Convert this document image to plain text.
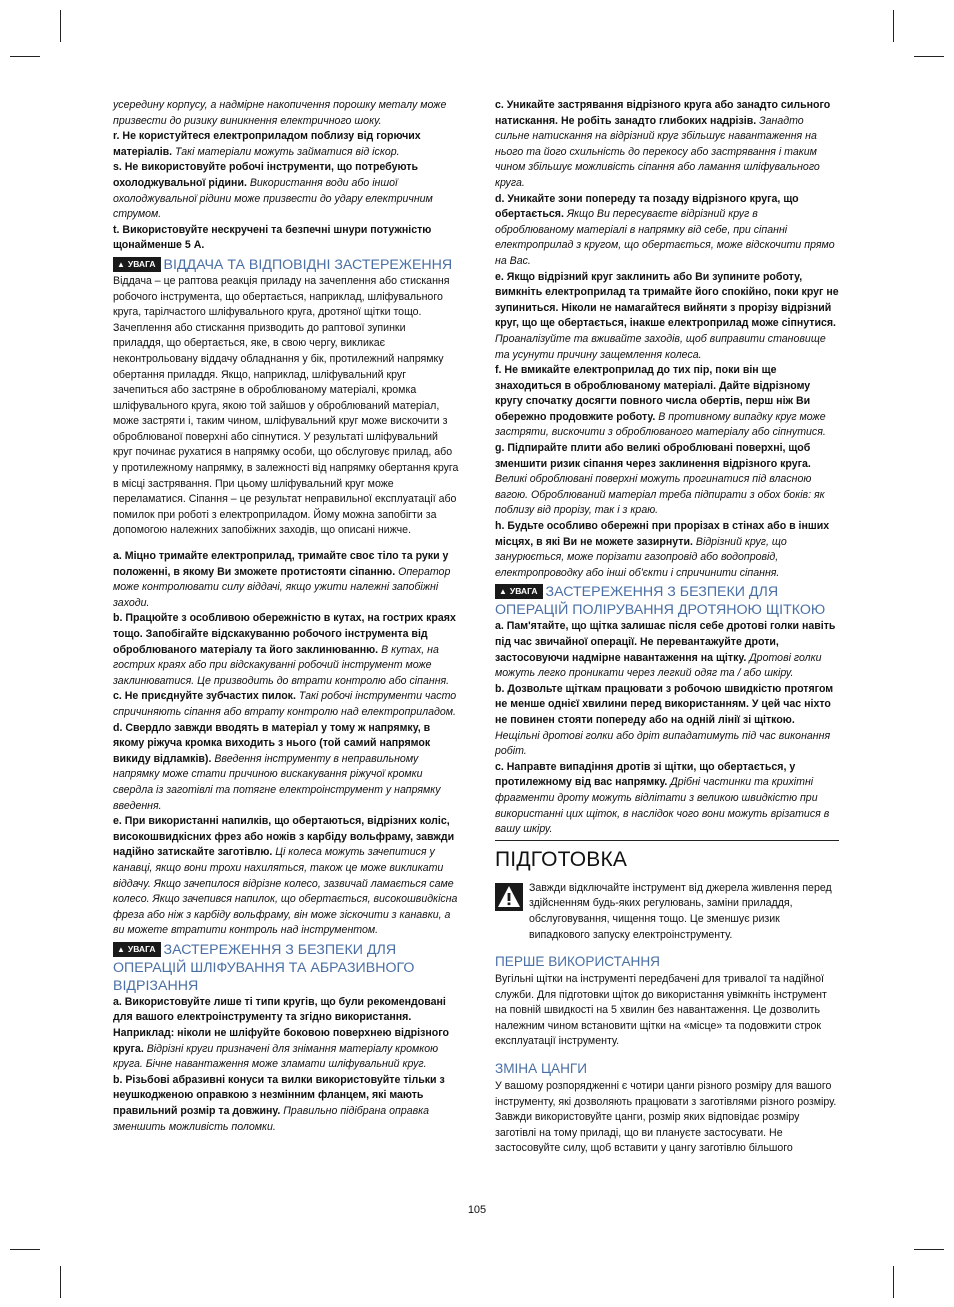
усередину корпусу, а надмірне накопичення порошку металу може призвести до ризику виникнення електричного шоку.

r. Не користуйтеся електроприладом поблизу від горючих матеріалів. Такі матеріали можуть займатися від іскор.

s. Не використовуйте робочі інструменти, що потребують охолоджувальної рідини. Використання води або іншої охолоджувальної рідини може призвести до удару електричним струмом.

t. Використовуйте нескручені та безпечні шнури потужністю щонайменше 5 А.

▲ УВАГА ВІДДАЧА ТА ВІДПОВІДНІ ЗАСТЕРЕЖЕННЯ

Віддача – це раптова реакція приладу на зачеплення або стискання робочого інструмента, що обертається, наприклад, шліфувального круга, тарілчастого шліфувального круга, дротяної щітки тощо. Зачеплення або стискання призводить до раптової зупинки приладдя, що обертається, яке, в свою чергу, викликає неконтрольовану віддачу обладнання у бік, протилежний напрямку обертання приладдя. Якщо, наприклад, шліфувальний круг зачепиться або застряне в оброблюваному матеріалі, кромка шліфувального круга, якою той зайшов у оброблюваний матеріал, може застряти і, таким чином, шліфувальний круг може вискочити з оброблюваної поверхні або сіпнутися. У результаті шліфувальний круг починає рухатися в напрямку особи, що обслуговує прилад, або у протилежному напрямку, в залежності від напрямку обертання круга в місці застрявання. При цьому шліфувальний круг може переламатися. Сіпання – це результат неправильної експлуатації або помилок при роботі з електроприладом. Йому можна запобігти за допомогою належних запобіжних заходів, що описані нижче.

a. Міцно тримайте електроприлад, тримайте своє тіло та руки у положенні, в якому Ви зможете протистояти сіпанню. Оператор може контролювати силу віддачі, якщо ужити належні запобіжні заходи.

b. Працюйте з особливою обережністю в кутах, на гострих краях тощо. Запобігайте відскакуванню робочого інструмента від оброблюваного матеріалу та його заклинюванню. В кутах, на гострих краях або при відскакуванні робочий інструмент може заклинюватися. Це призводить до втрати контролю або сіпання.

c. Не приєднуйте зубчастих пилок. Такі робочі інструменти часто спричиняють сіпання або втрату контролю над електроприладом.

d. Свердло завжди вводять в матеріал у тому ж напрямку, в якому ріжуча кромка виходить з нього (той самий напрямок викиду відламків). Введення інструменту в неправильному напрямку може стати причиною вискакування ріжучої кромки свердла із заготівлі та потягне електроінструмент у напрямку введення.

e. При використанні напилків, що обертаються, відрізних коліс, високошвидкісних фрез або ножів з карбіду вольфраму, завжди надійно затискайте заготівлю. Ці колеса можуть зачепитися у канавці, якщо вони трохи нахиляться, також це може викликати віддачу. Якщо зачепилося відрізне колесо, зазвичай ламається саме колесо. Якщо зачепився напилок, що обертається, високошвидкісна фреза або ніж з карбіду вольфраму, він може зіскочити з канавки, а ви можете втратити контроль над інструментом.

▲ УВАГА ЗАСТЕРЕЖЕННЯ З БЕЗПЕКИ ДЛЯ ОПЕРАЦІЙ ШЛІФУВАННЯ ТА АБРАЗИВНОГО ВІДРІЗАННЯ

a. Використовуйте лише ті типи кругів, що були рекомендовані для вашого електроінструменту та згідно використання. Наприклад: ніколи не шліфуйте боковою поверхнею відрізного круга. Відрізні круги призначені для знімання матеріалу кромкою круга. Бічне навантаження може зламати шліфувальний круг.

b. Різьбові абразивні конуси та вилки використовуйте тільки з неушкодженою оправкою з незмінним фланцем, які мають правильний розмір та довжину. Правильно підібрана оправка зменшить можливість поломки.

c. Уникайте застрявання відрізного круга або занадто сильного натискання. Не робіть занадто глибоких надрізів. Занадто сильне натискання на відрізний круг збільшує навантаження на нього та його схильність до перекосу або застрявання і таким чином збільшує можливість сіпання або ламання шліфувального круга.

d. Уникайте зони попереду та позаду відрізного круга, що обертається. Якщо Ви пересуваєте відрізний круг в оброблюваному матеріалі в напрямку від себе, при сіпанні електроприлад з кругом, що обертається, може відскочити прямо на Вас.

e. Якщо відрізний круг заклинить або Ви зупините роботу, вимкніть електроприлад та тримайте його спокійно, поки круг не зупиниться. Ніколи не намагайтеся вийняти з прорізу відрізний круг, що ще обертається, інакше електроприлад може сіпнутися. Проаналізуйте та вживайте заходів, щоб виправити становище та усунути причину защемлення колеса.

f. Не вмикайте електроприлад до тих пір, поки він ще знаходиться в оброблюваному матеріалі. Дайте відрізному кругу спочатку досягти повного числа обертів, перш ніж Ви обережно продовжите роботу. В противному випадку круг може застряти, вискочити з оброблюваного матеріалу або сіпнутися.

g. Підпирайте плити або великі оброблювані поверхні, щоб зменшити ризик сіпання через заклинення відрізного круга. Великі оброблювані поверхні можуть прогинатися під власною вагою. Оброблюваний матеріал треба підпирати з обох боків: як поблизу від прорізу, так і з краю.

h. Будьте особливо обережні при прорізах в стінах або в інших місцях, в які Ви не можете зазирнути. Відрізний круг, що занурюється, може порізати газопровід або водопровід, електропроводку або інші об'єкти і спричинити сіпання.

▲ УВАГА ЗАСТЕРЕЖЕННЯ З БЕЗПЕКИ ДЛЯ ОПЕРАЦІЙ ПОЛІРУВАННЯ ДРОТЯНОЮ ЩІТКОЮ

a. Пам'ятайте, що щітка залишає після себе дротові голки навіть під час звичайної операції. Не перевантажуйте дроти, застосовуючи надмірне навантаження на щітку. Дротові голки можуть легко проникати через легкий одяг та / або шкіру.

b. Дозвольте щіткам працювати з робочою швидкістю протягом не менше однієї хвилини перед використанням. У цей час ніхто не повинен стояти попереду або на одній лінії зі щіткою. Нещільні дротові голки або дріт випадатимуть під час виконання робіт.

c. Направте випадіння дротів зі щітки, що обертається, у протилежному від вас напрямку. Дрібні частинки та крихітні фрагменти дроту можуть відлітати з великою швидкістю при використанні цих щіток, в наслідок чого вони можуть врізатися в вашу шкіру.

ПІДГОТОВКА

Завжди відключайте інструмент від джерела живлення перед здійсненням будь-яких регулювань, заміни приладдя, обслуговування, чищення тощо. Це зменшує ризик випадкового запуску електроінструменту.

ПЕРШЕ ВИКОРИСТАННЯ

Вугільні щітки на інструменті передбачені для тривалої та надійної служби. Для підготовки щіток до використання увімкніть інструмент на повній швидкості на 5 хвилин без навантаження. Це дозволить належним чином встановити щітки на «місце» та подовжити строк експлуатації інструменту.

ЗМІНА ЦАНГИ

У вашому розпорядженні є чотири цанги різного розміру для вашого інструменту, які дозволяють працювати з заготівлями різного розміру. Завжди використовуйте цанги, розмір яких відповідає розміру заготівлі на тому приладі, що ви плануєте застосувати. Не застосовуйте силу, щоб вставити у цангу заготівлю більшого

105
